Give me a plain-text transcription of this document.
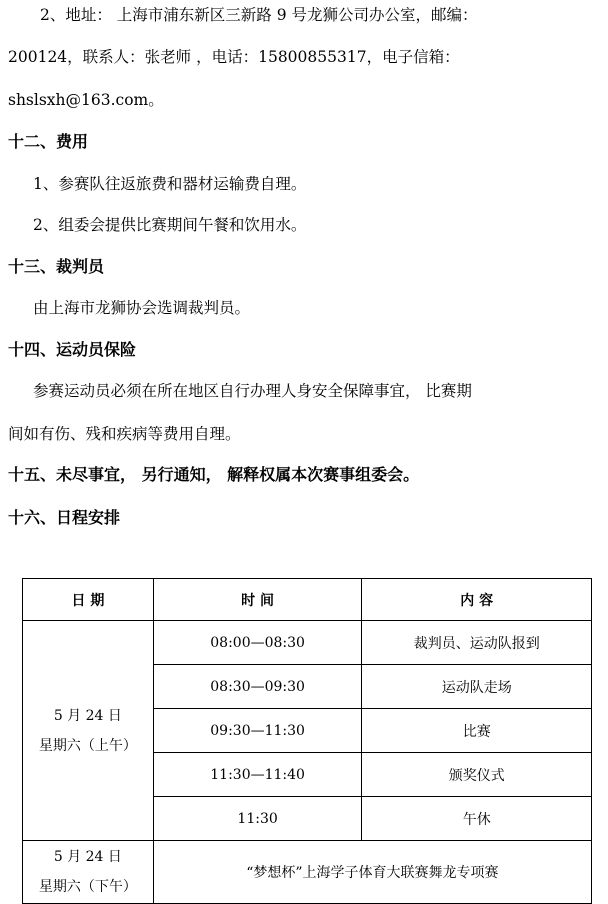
2、地址： 上海市浦东新区三新路 9 号龙狮公司办公室，邮编：
200124，联系人：张老师 ，电话：15800855317，电子信箱：
shslsxh@163.com。
十二、费用
1、参赛队往返旅费和器材运输费自理。
2、组委会提供比赛期间午餐和饮用水。
十三、裁判员
由上海市龙狮协会选调裁判员。
十四、运动员保险
参赛运动员必须在所在地区自行办理人身安全保障事宜， 比赛期
间如有伤、残和疾病等费用自理。
十五、未尽事宜， 另行通知， 解释权属本次赛事组委会。
十六、日程安排
日 期	时 间	内 容

5 月 24 日
星期六（上午）	08:00—08:30	裁判员、运动队报到
	08:30—09:30	运动队走场
	09:30—11:30	比赛
	11:30—11:40	颁奖仪式
	11:30	午休

5 月 24 日
星期六（下午）	“梦想杯”上海学子体育大联赛舞龙专项赛	
